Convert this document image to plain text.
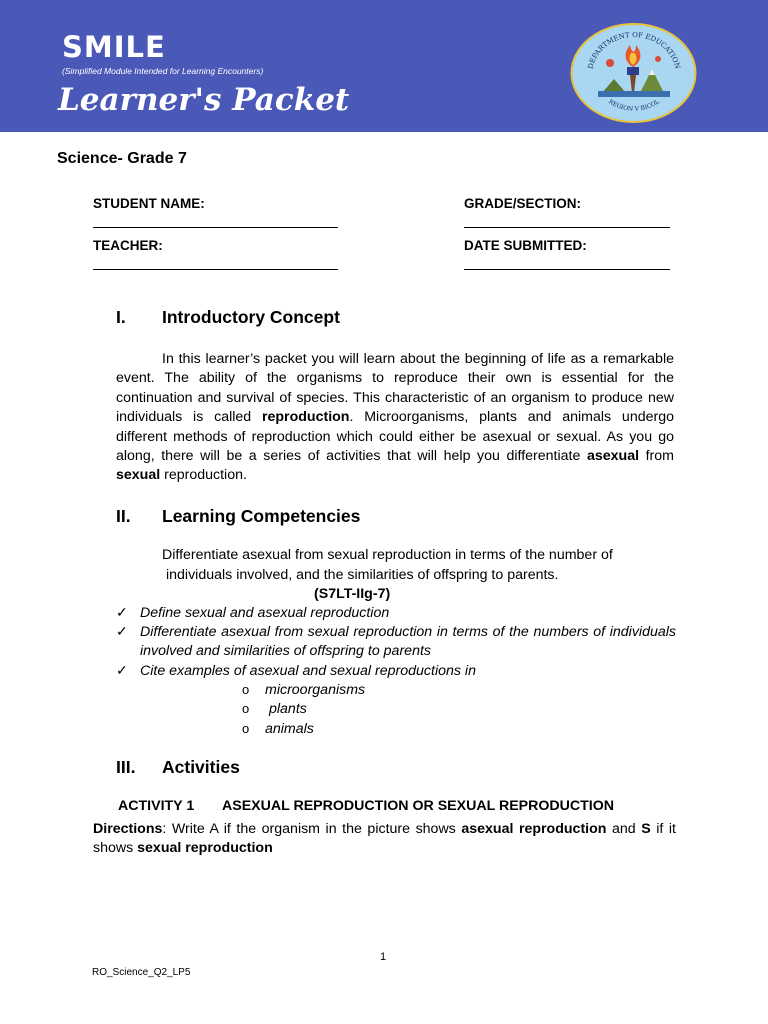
SMILE
(Simplified Module Intended for Learning Encounters)
Learner's Packet
DEPARTMENT OF EDUCATION
REGION V BICOL
Science- Grade 7
STUDENT NAME:	GRADE/SECTION:
TEACHER:	DATE SUBMITTED:
I. Introductory Concept
In this learner’s packet you will learn about the beginning of life as a remarkable event. The ability of the organisms to reproduce their own is essential for the continuation and survival of species. This characteristic of an organism to produce new individuals is called reproduction. Microorganisms, plants and animals undergo different methods of reproduction which could either be asexual or sexual. As you go along, there will be a series of activities that will help you differentiate asexual from sexual reproduction.
II. Learning Competencies
Differentiate asexual from sexual reproduction in terms of the number of
individuals involved, and the similarities of offspring to parents.
(S7LT-IIg-7)
✓ Define sexual and asexual reproduction
✓ Differentiate asexual from sexual reproduction in terms of the numbers of individuals involved and similarities of offspring to parents
✓ Cite examples of asexual and sexual reproductions in
o microorganisms
o plants
o animals
III. Activities
ACTIVITY 1 ASEXUAL REPRODUCTION OR SEXUAL REPRODUCTION
Directions: Write A if the organism in the picture shows asexual reproduction and S if it shows sexual reproduction
1
RO_Science_Q2_LP5
